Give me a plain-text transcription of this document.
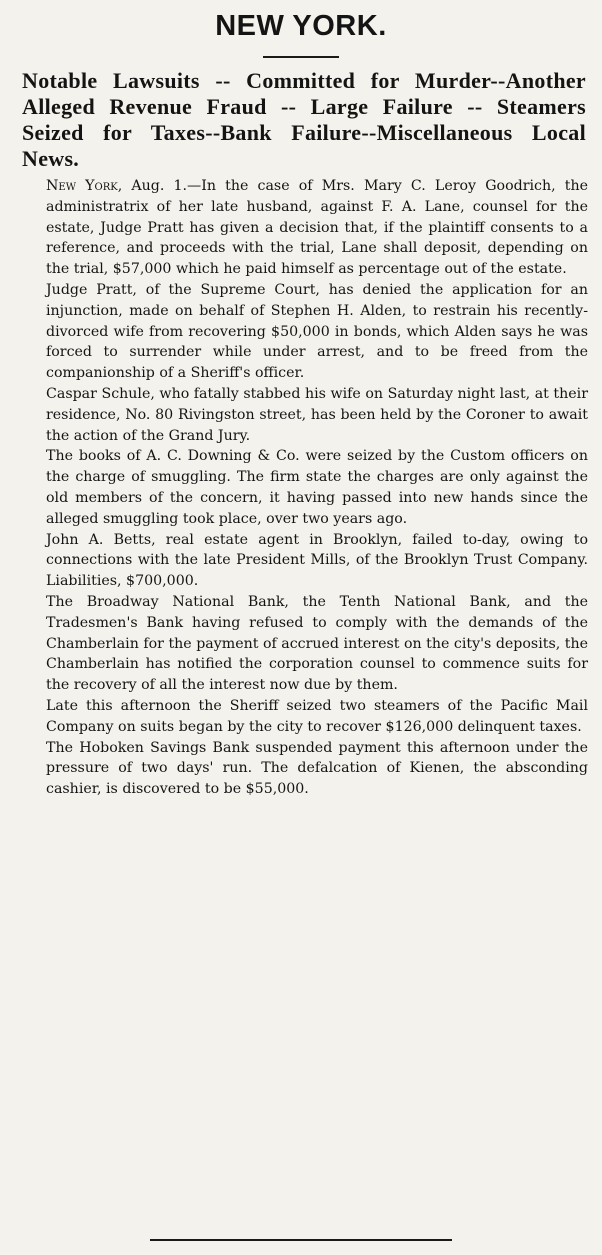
NEW YORK.
Notable Lawsuits -- Committed for Murder--Another Alleged Revenue Fraud -- Large Failure -- Steamers Seized for Taxes--Bank Failure--Miscellaneous Local News.

New York, Aug. 1.—In the case of Mrs. Mary C. Leroy Goodrich, the administratrix of her late husband, against F. A. Lane, counsel for the estate, Judge Pratt has given a decision that, if the plaintiff consents to a reference, and proceeds with the trial, Lane shall deposit, depending on the trial, $57,000 which he paid himself as percentage out of the estate.

Judge Pratt, of the Supreme Court, has denied the application for an injunction, made on behalf of Stephen H. Alden, to restrain his recently-divorced wife from recovering $50,000 in bonds, which Alden says he was forced to surrender while under arrest, and to be freed from the companionship of a Sheriff's officer.

Caspar Schule, who fatally stabbed his wife on Saturday night last, at their residence, No. 80 Rivingston street, has been held by the Coroner to await the action of the Grand Jury.

The books of A. C. Downing & Co. were seized by the Custom officers on the charge of smuggling. The firm state the charges are only against the old members of the concern, it having passed into new hands since the alleged smuggling took place, over two years ago.

John A. Betts, real estate agent in Brooklyn, failed to-day, owing to connections with the late President Mills, of the Brooklyn Trust Company. Liabilities, $700,000.

The Broadway National Bank, the Tenth National Bank, and the Tradesmen's Bank having refused to comply with the demands of the Chamberlain for the payment of accrued interest on the city's deposits, the Chamberlain has notified the corporation counsel to commence suits for the recovery of all the interest now due by them.

Late this afternoon the Sheriff seized two steamers of the Pacific Mail Company on suits began by the city to recover $126,000 delinquent taxes.

The Hoboken Savings Bank suspended payment this afternoon under the pressure of two days' run. The defalcation of Kienen, the absconding cashier, is discovered to be $55,000.
